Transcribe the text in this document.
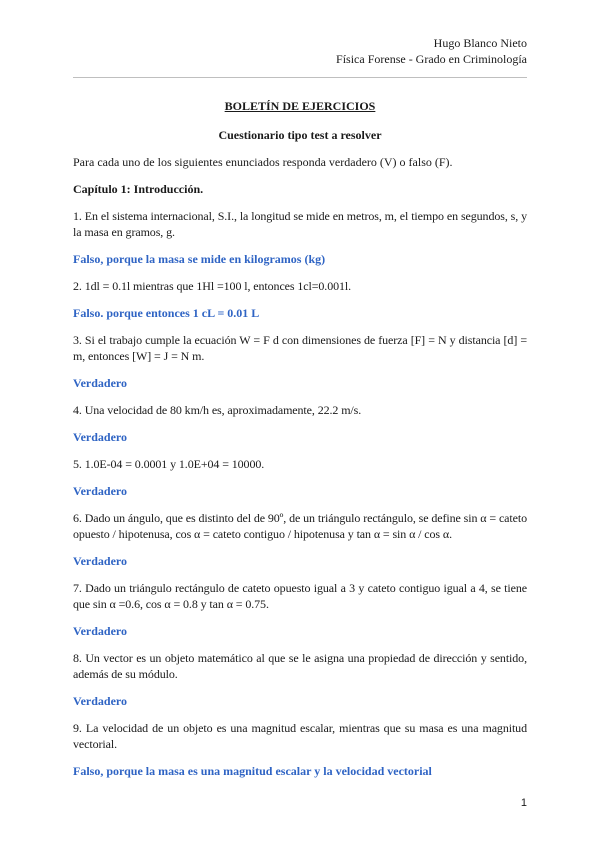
Hugo Blanco Nieto
Física Forense - Grado en Criminología

BOLETÍN DE EJERCICIOS

Cuestionario tipo test a resolver

Para cada uno de los siguientes enunciados responda verdadero (V) o falso (F).

Capítulo 1: Introducción.

1. En el sistema internacional, S.I., la longitud se mide en metros, m, el tiempo en segundos, s, y la masa en gramos, g.

Falso, porque la masa se mide en kilogramos (kg)

2. 1dl = 0.1l mientras que 1Hl =100 l, entonces 1cl=0.001l.

Falso. porque entonces 1 cL = 0.01 L

3. Si el trabajo cumple la ecuación W = F d con dimensiones de fuerza [F] = N y distancia [d] = m, entonces [W] = J = N m.

Verdadero

4. Una velocidad de 80 km/h es, aproximadamente, 22.2 m/s.

Verdadero

5. 1.0E-04 = 0.0001 y 1.0E+04 = 10000.

Verdadero

6. Dado un ángulo, que es distinto del de 90º, de un triángulo rectángulo, se define sin α = cateto opuesto / hipotenusa, cos α = cateto contiguo / hipotenusa y tan α = sin α / cos α.

Verdadero

7. Dado un triángulo rectángulo de cateto opuesto igual a 3 y cateto contiguo igual a 4, se tiene que sin α =0.6, cos α = 0.8 y tan α = 0.75.

Verdadero

8. Un vector es un objeto matemático al que se le asigna una propiedad de dirección y sentido, además de su módulo.

Verdadero

9. La velocidad de un objeto es una magnitud escalar, mientras que su masa es una magnitud vectorial.

Falso, porque la masa es una magnitud escalar y la velocidad vectorial

1
